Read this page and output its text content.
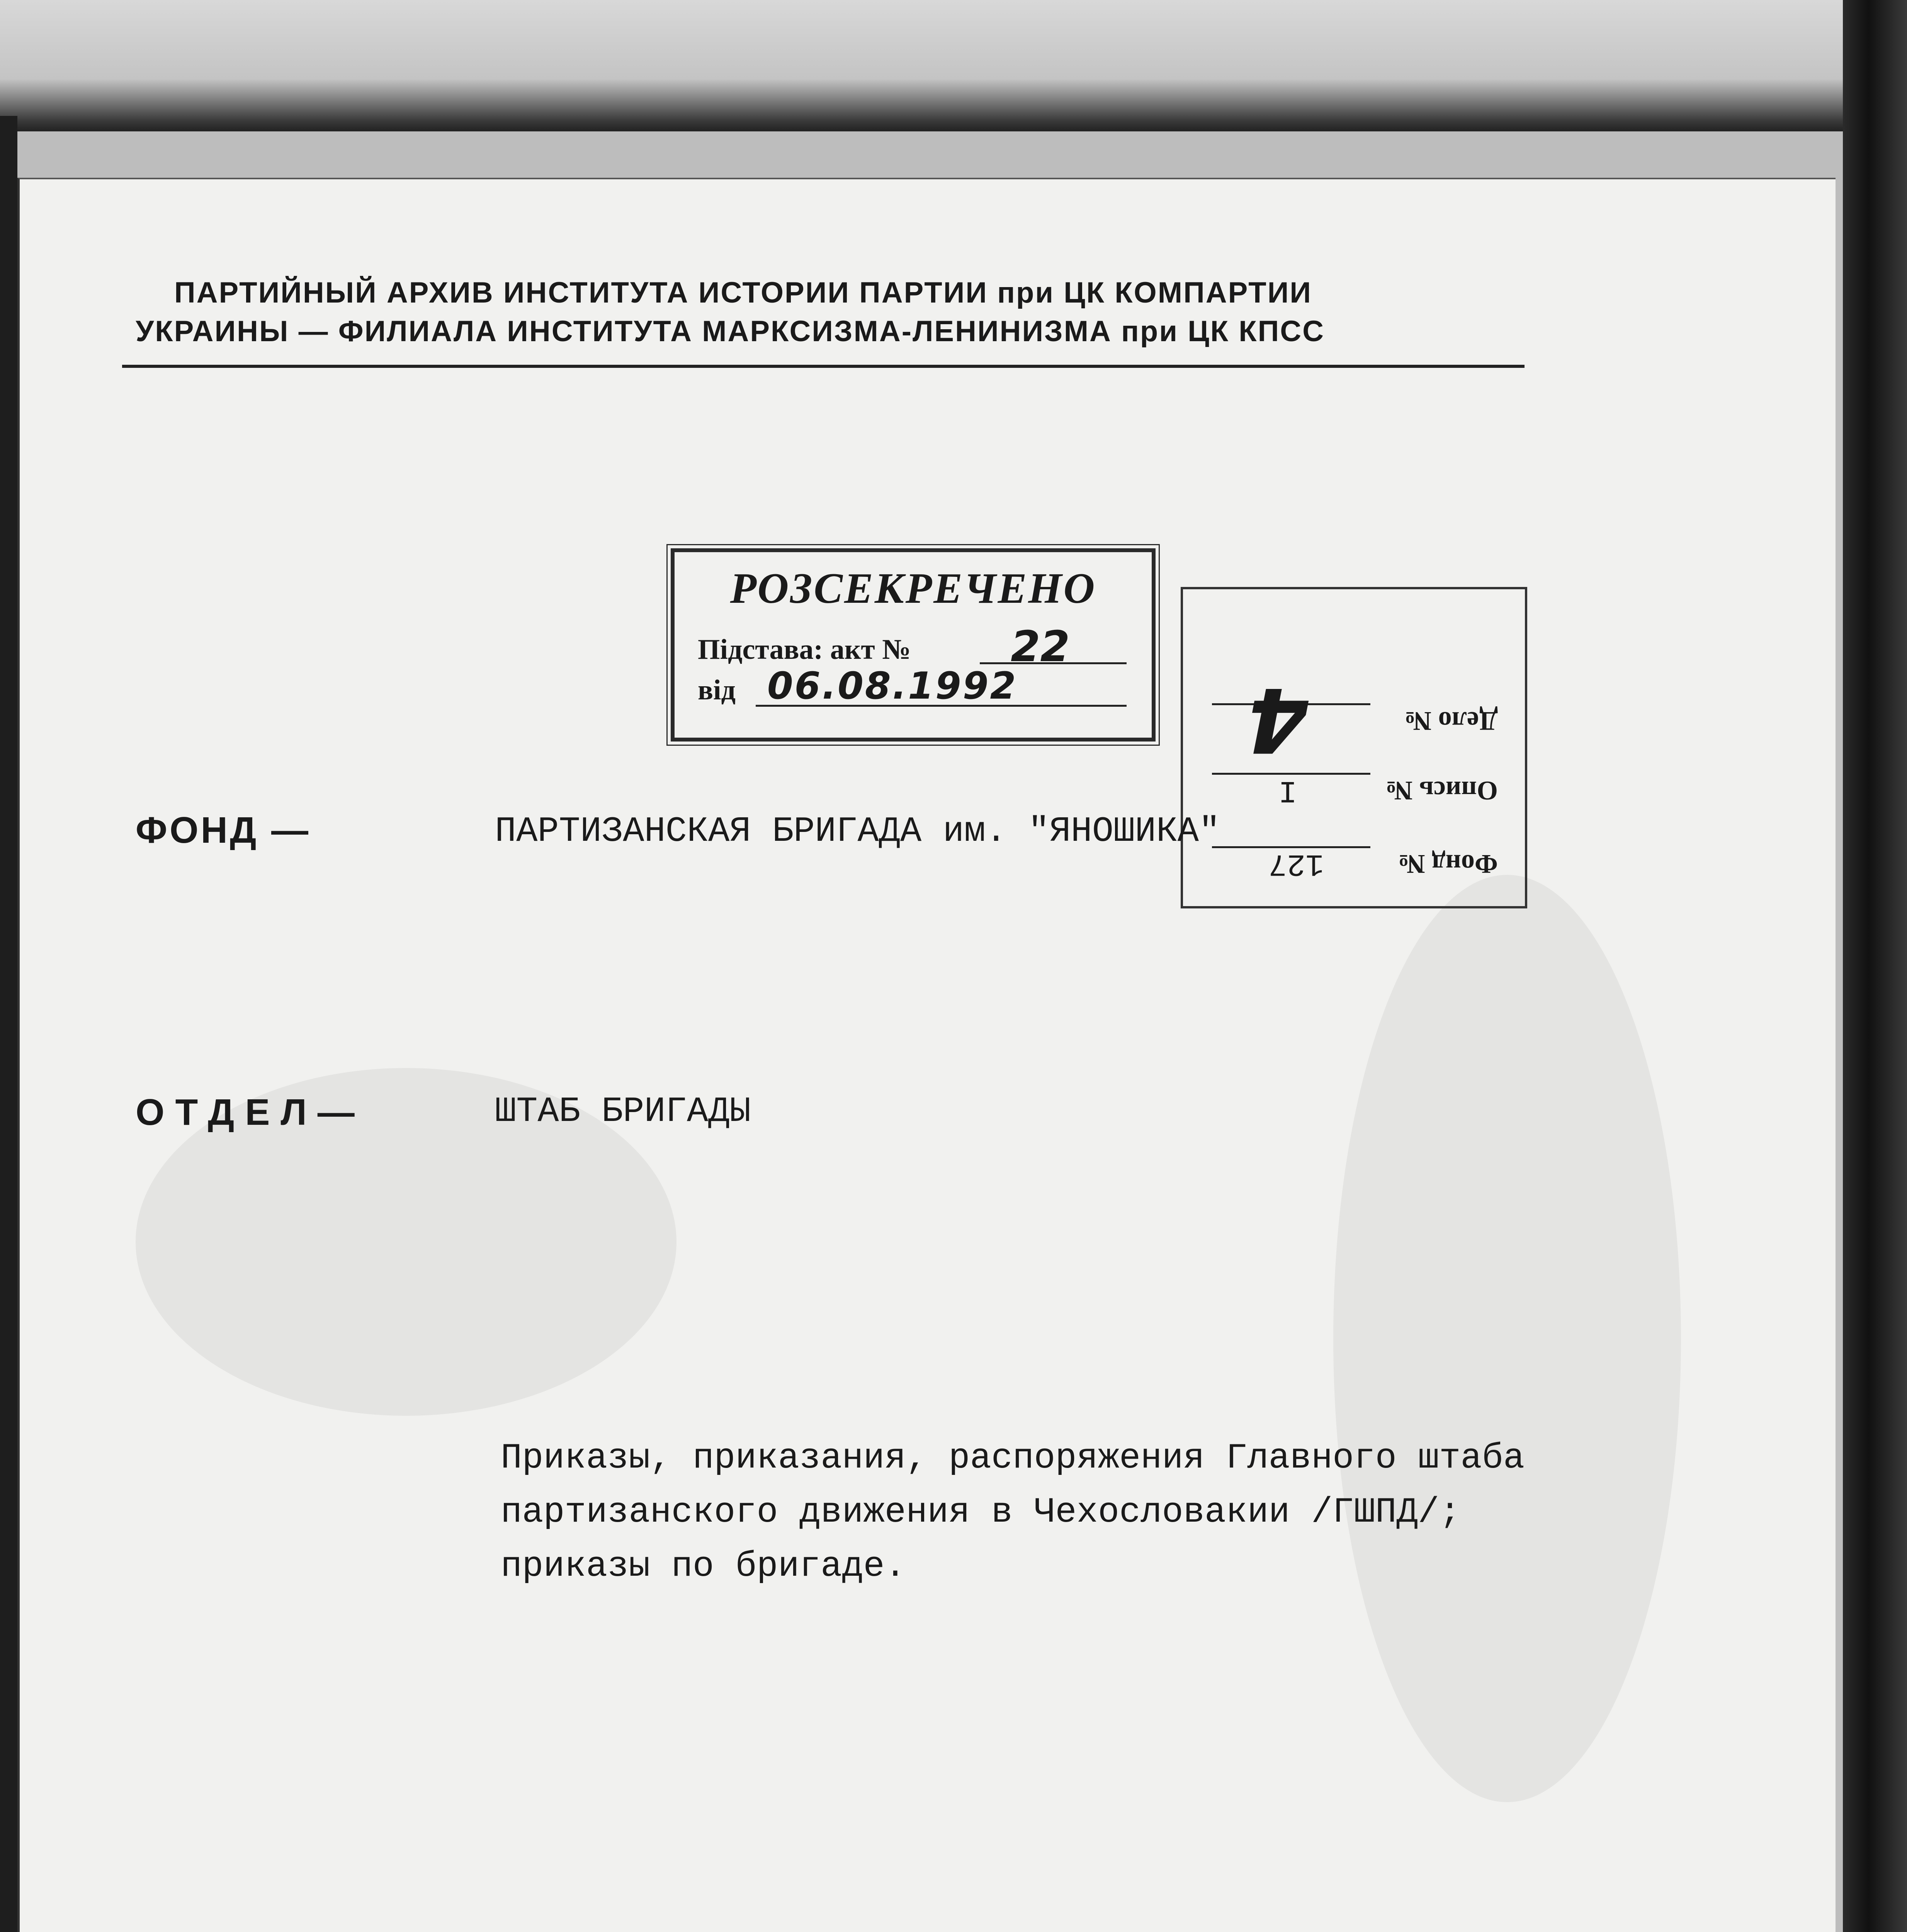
ПАРТИЙНЫЙ АРХИВ ИНСТИТУТА ИСТОРИИ ПАРТИИ при ЦК КОМПАРТИИ
УКРАИНЫ — ФИЛИАЛА ИНСТИТУТА МАРКСИЗМА-ЛЕНИНИЗМА при ЦК КПСС
РОЗСЕКРЕЧЕНО
Підстава: акт № 22
від 06.08.1992
Фонд №
127
Опись №
I
Дело №
4
ФОНД —	ПАРТИЗАНСКАЯ БРИГАДА им. "ЯНОШИКА"
ОТДЕЛ—	ШТАБ БРИГАДЫ
Приказы, приказания, распоряжения Главного штаба
партизанского движения в Чехословакии /ГШПД/;
приказы по бригаде.
